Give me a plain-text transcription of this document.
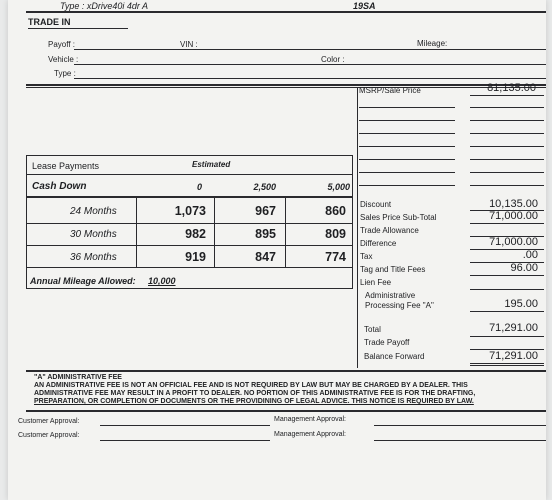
Type : xDrive40i 4dr A	19SA
TRADE IN
Payoff :	VIN :	Mileage:
Vehicle :	Color :
Type :
MSRP/Sale Price	81,135.00
Lease Payments	Estimated
Cash Down	0	2,500	5,000
24 Months	1,073	967	860
30 Months	982	895	809
36 Months	919	847	774
Annual Mileage Allowed: 10,000
Discount	10,135.00
Sales Price Sub-Total	71,000.00
Trade Allowance
Difference	71,000.00
Tax	.00
Tag and Title Fees	96.00
Lien Fee
Administrative
Processing Fee "A"	195.00
Total	71,291.00
Trade Payoff
Balance Forward	71,291.00
"A" ADMINISTRATIVE FEE
AN ADMINISTRATIVE FEE IS NOT AN OFFICIAL FEE AND IS NOT REQUIRED BY LAW BUT MAY BE CHARGED BY A DEALER. THIS
ADMINISTRATIVE FEE MAY RESULT IN A PROFIT TO DEALER. NO PORTION OF THIS ADMINISTRATIVE FEE IS FOR THE DRAFTING,
PREPARATION, OR COMPLETION OF DOCUMENTS OR THE PROVIDINING OF LEGAL ADVICE. THIS NOTICE IS REQUIRED BY LAW.
Customer Approval:	Management Approval:
Customer Approval:	Management Approval:
